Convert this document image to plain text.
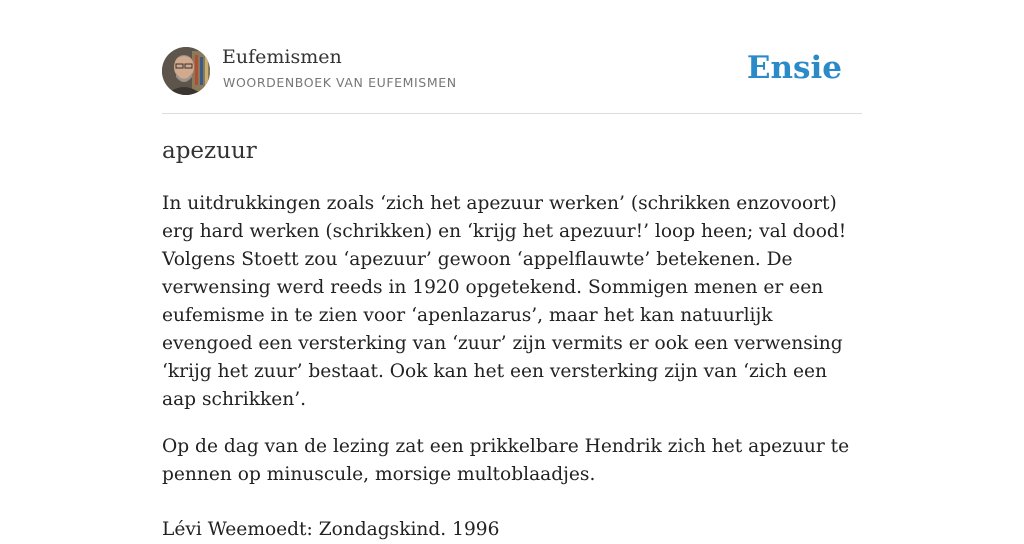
Eufemismen
WOORDENBOEK VAN EUFEMISMEN	Ensie
apezuur

In uitdrukkingen zoals ‘zich het apezuur werken’ (schrikken enzovoort) erg hard werken (schrikken) en ‘krijg het apezuur!’ loop heen; val dood! Volgens Stoett zou ‘apezuur’ gewoon ‘appelflauwte’ betekenen. De verwensing werd reeds in 1920 opgetekend. Sommigen menen er een eufemisme in te zien voor ‘apenlazarus’, maar het kan natuurlijk evengoed een versterking van ‘zuur’ zijn vermits er ook een verwensing ‘krijg het zuur’ bestaat. Ook kan het een versterking zijn van ‘zich een aap schrikken’.

Op de dag van de lezing zat een prikkelbare Hendrik zich het apezuur te pennen op minuscule, morsige multoblaadjes.

Lévi Weemoedt: Zondagskind. 1996
